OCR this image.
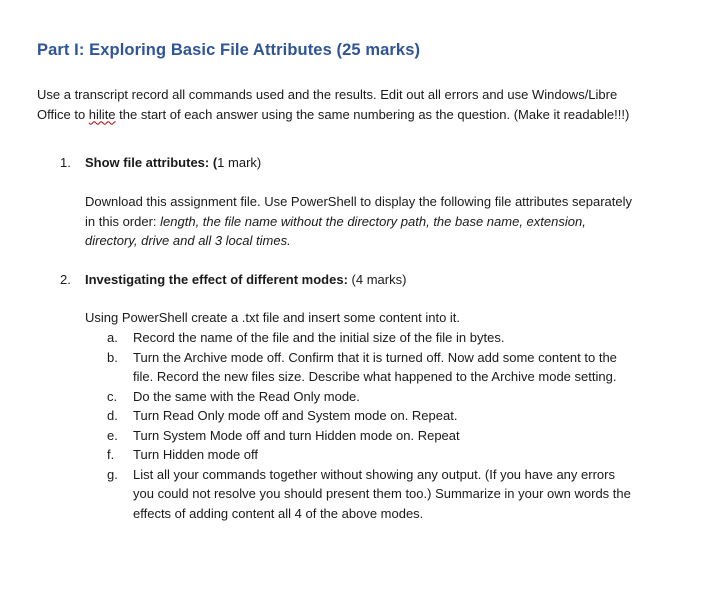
Part I: Exploring Basic File Attributes (25 marks)

Use a transcript record all commands used and the results. Edit out all errors and use Windows/Libre

Office to hilite the start of each answer using the same numbering as the question. (Make it readable!!!)

1. Show file attributes: (1 mark)

Download this assignment file. Use PowerShell to display the following file attributes separately

in this order: length, the file name without the directory path, the base name, extension,

directory, drive and all 3 local times.

2. Investigating the effect of different modes: (4 marks)

Using PowerShell create a .txt file and insert some content into it.

a. Record the name of the file and the initial size of the file in bytes.
b. Turn the Archive mode off. Confirm that it is turned off. Now add some content to the
file. Record the new files size. Describe what happened to the Archive mode setting.
c. Do the same with the Read Only mode.
d. Turn Read Only mode off and System mode on. Repeat.
e. Turn System Mode off and turn Hidden mode on. Repeat
f. Turn Hidden mode off
g. List all your commands together without showing any output. (If you have any errors
you could not resolve you should present them too.) Summarize in your own words the
effects of adding content all 4 of the above modes.
